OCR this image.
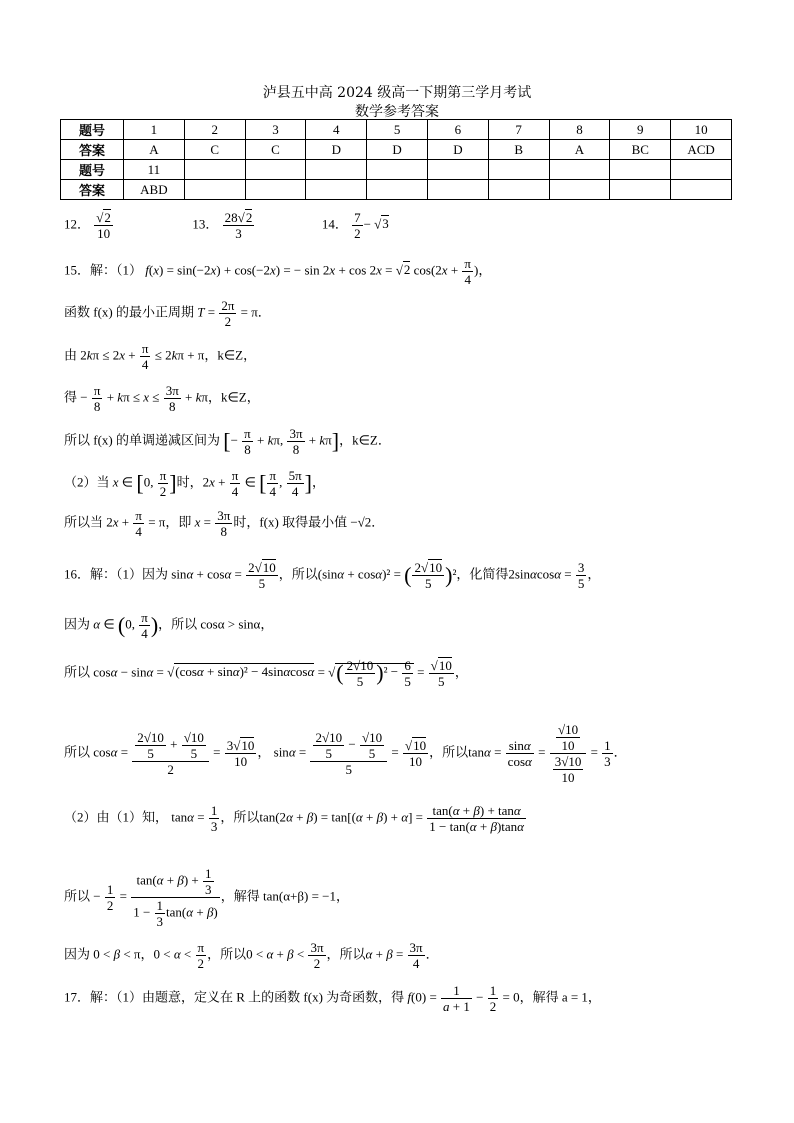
泸县五中高 2024 级高一下期第三学月考试
数学参考答案
题号	1	2	3	4	5	6	7	8	9	10
答案	A	C	C	D	D	D	B	A	BC	ACD
题号	11									
答案	ABD									
12． $\frac{√2}{10}$	13． $\frac{28√2}{3}$	14． $\frac{7}{2} - √3$
15．解：（1） f(x) = sin(−2x) + cos(−2x) = − sin 2x + cos 2x = √2 $\cos(2x + \frac{\pi}{4}$ )，
函数 f(x) 的最小正周期 $T = \frac{2\pi}{2} = \pi$．
由 $2k\pi \le 2x + \frac{\pi}{4} \le 2k\pi + \pi$，k∈Z，
得 − $\frac{\pi}{8} + k\pi \le x \le \frac{3\pi}{8} + k\pi$，k∈Z，
所以 f(x) 的单调递减区间为 [− $\frac{\pi}{8} + k\pi$, $\frac{3\pi}{8} + k\pi$]，k∈Z．
（2）当 x ∈ [0, $\frac{\pi}{2}$ ]时，$2x + \frac{\pi}{4}$ ∈ [ $\frac{\pi}{4}$ , $\frac{5\pi}{4}$ ]，
所以当 $2x + \frac{\pi}{4} = \pi$，即 $x = \frac{3\pi}{8}$ 时，f(x) 取得最小值 −√2．
16．解：（1）因为 $\sin\alpha + \cos\alpha = \frac{2√10}{5}$ ，所以(sinα + cosα)² = ( $\frac{2√10}{5} )^2$，化简得$2\sin\alpha\cos\alpha = \frac{3}{5}$ ，
因为 α ∈ (0, $\frac{\pi}{4}$ )，所以 cosα > sinα，
所以 cosα − sinα = √(cosα + sinα)² − 4sinαcosα = √( $\frac{2√10}{5} )^2 - \frac{6}{5} = \frac{√10}{5}$ ，
所以 $\cos\alpha = \frac{\frac{2√10}{5} + \frac{√10}{5}}{2} = \frac{3√10}{10}$ ， $\sin\alpha = \frac{\frac{2√10}{5} - \frac{√10}{5}}{5} = \frac{√10}{10}$ ，所以$\tan\alpha = \frac{\sin\alpha}{\cos\alpha} = \frac{\frac{√10}{10}}{\frac{3√10}{10}} = \frac{1}{3}$ ．
（2）由（1）知， $\tan\alpha = \frac{1}{3}$ ，所以$\tan(2\alpha + \beta) = \tan[(\alpha + \beta) + \alpha] = \frac{\tan(\alpha + \beta) + \tan\alpha}{1 - \tan(\alpha + \beta)\tan\alpha}$
所以 − $\frac{1}{2} = \frac{\tan(\alpha + \beta) + \frac{1}{3}}{1 - \frac{1}{3} \tan(\alpha + \beta)}$ ，解得 tan(α+β) = −1，
因为 0 < β < π，$0 < \alpha < \frac{\pi}{2}$ ，所以$0 < \alpha + \beta < \frac{3\pi}{2}$ ，所以$\alpha + \beta = \frac{3\pi}{4}$ ．
17．解：（1）由题意，定义在 R 上的函数 f(x) 为奇函数，得 $f(0) = \frac{1}{a + 1} - \frac{1}{2} = 0$，解得 a = 1，
